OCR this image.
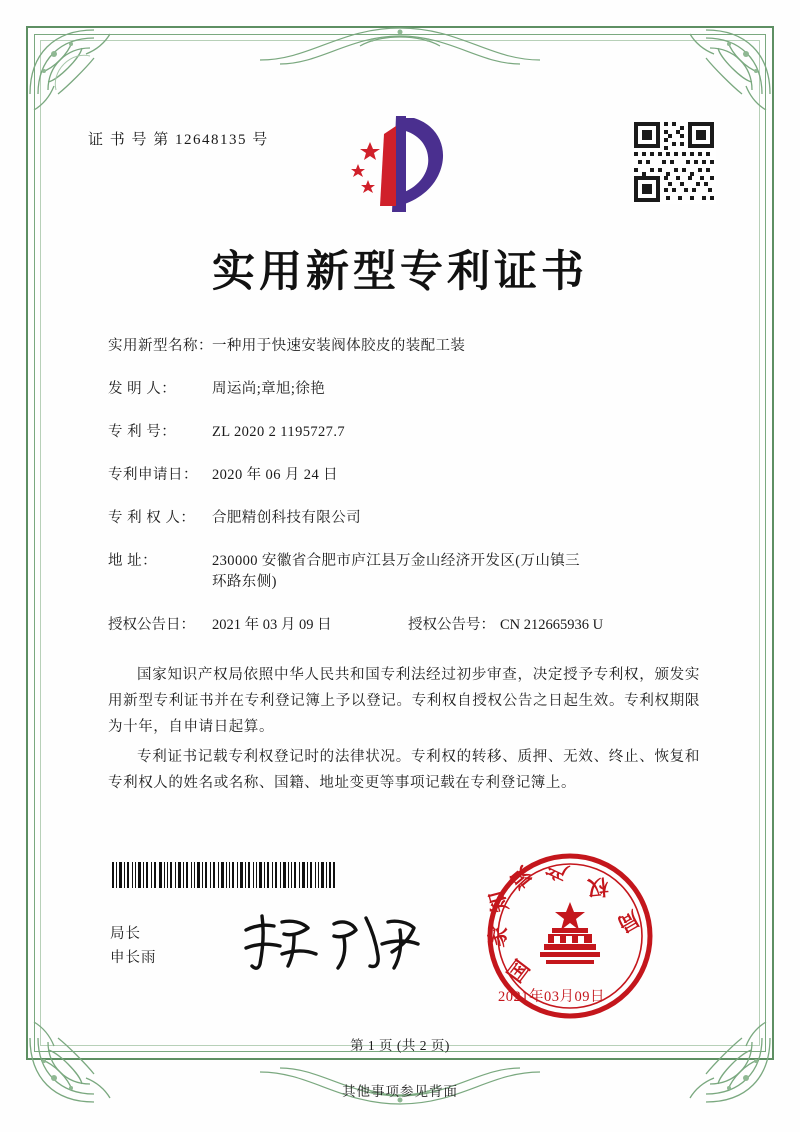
证 书 号 第 12648135 号
实用新型专利证书
实用新型名称： 一种用于快速安装阀体胶皮的装配工装
发 明 人：	周运尚;章旭;徐艳
专 利 号：	ZL 2020 2 1195727.7
专利申请日： 2020 年 06 月 24 日
专 利 权 人：	合肥精创科技有限公司
地 址：	230000 安徽省合肥市庐江县万金山经济开发区(万山镇三
环路东侧)
授权公告日：	2021 年 03 月 09 日	授权公告号： CN 212665936 U

国家知识产权局依照中华人民共和国专利法经过初步审查，决定授予专利权，颁发实用新型专利证书并在专利登记簿上予以登记。专利权自授权公告之日起生效。专利权期限为十年，自申请日起算。

专利证书记载专利权登记时的法律状况。专利权的转移、质押、无效、终止、恢复和专利权人的姓名或名称、国籍、地址变更等事项记载在专利登记簿上。

局长
申长雨	国
家
知
识 产
权
局
2021年03月09日
第 1 页 (共 2 页)
其他事项参见背面
